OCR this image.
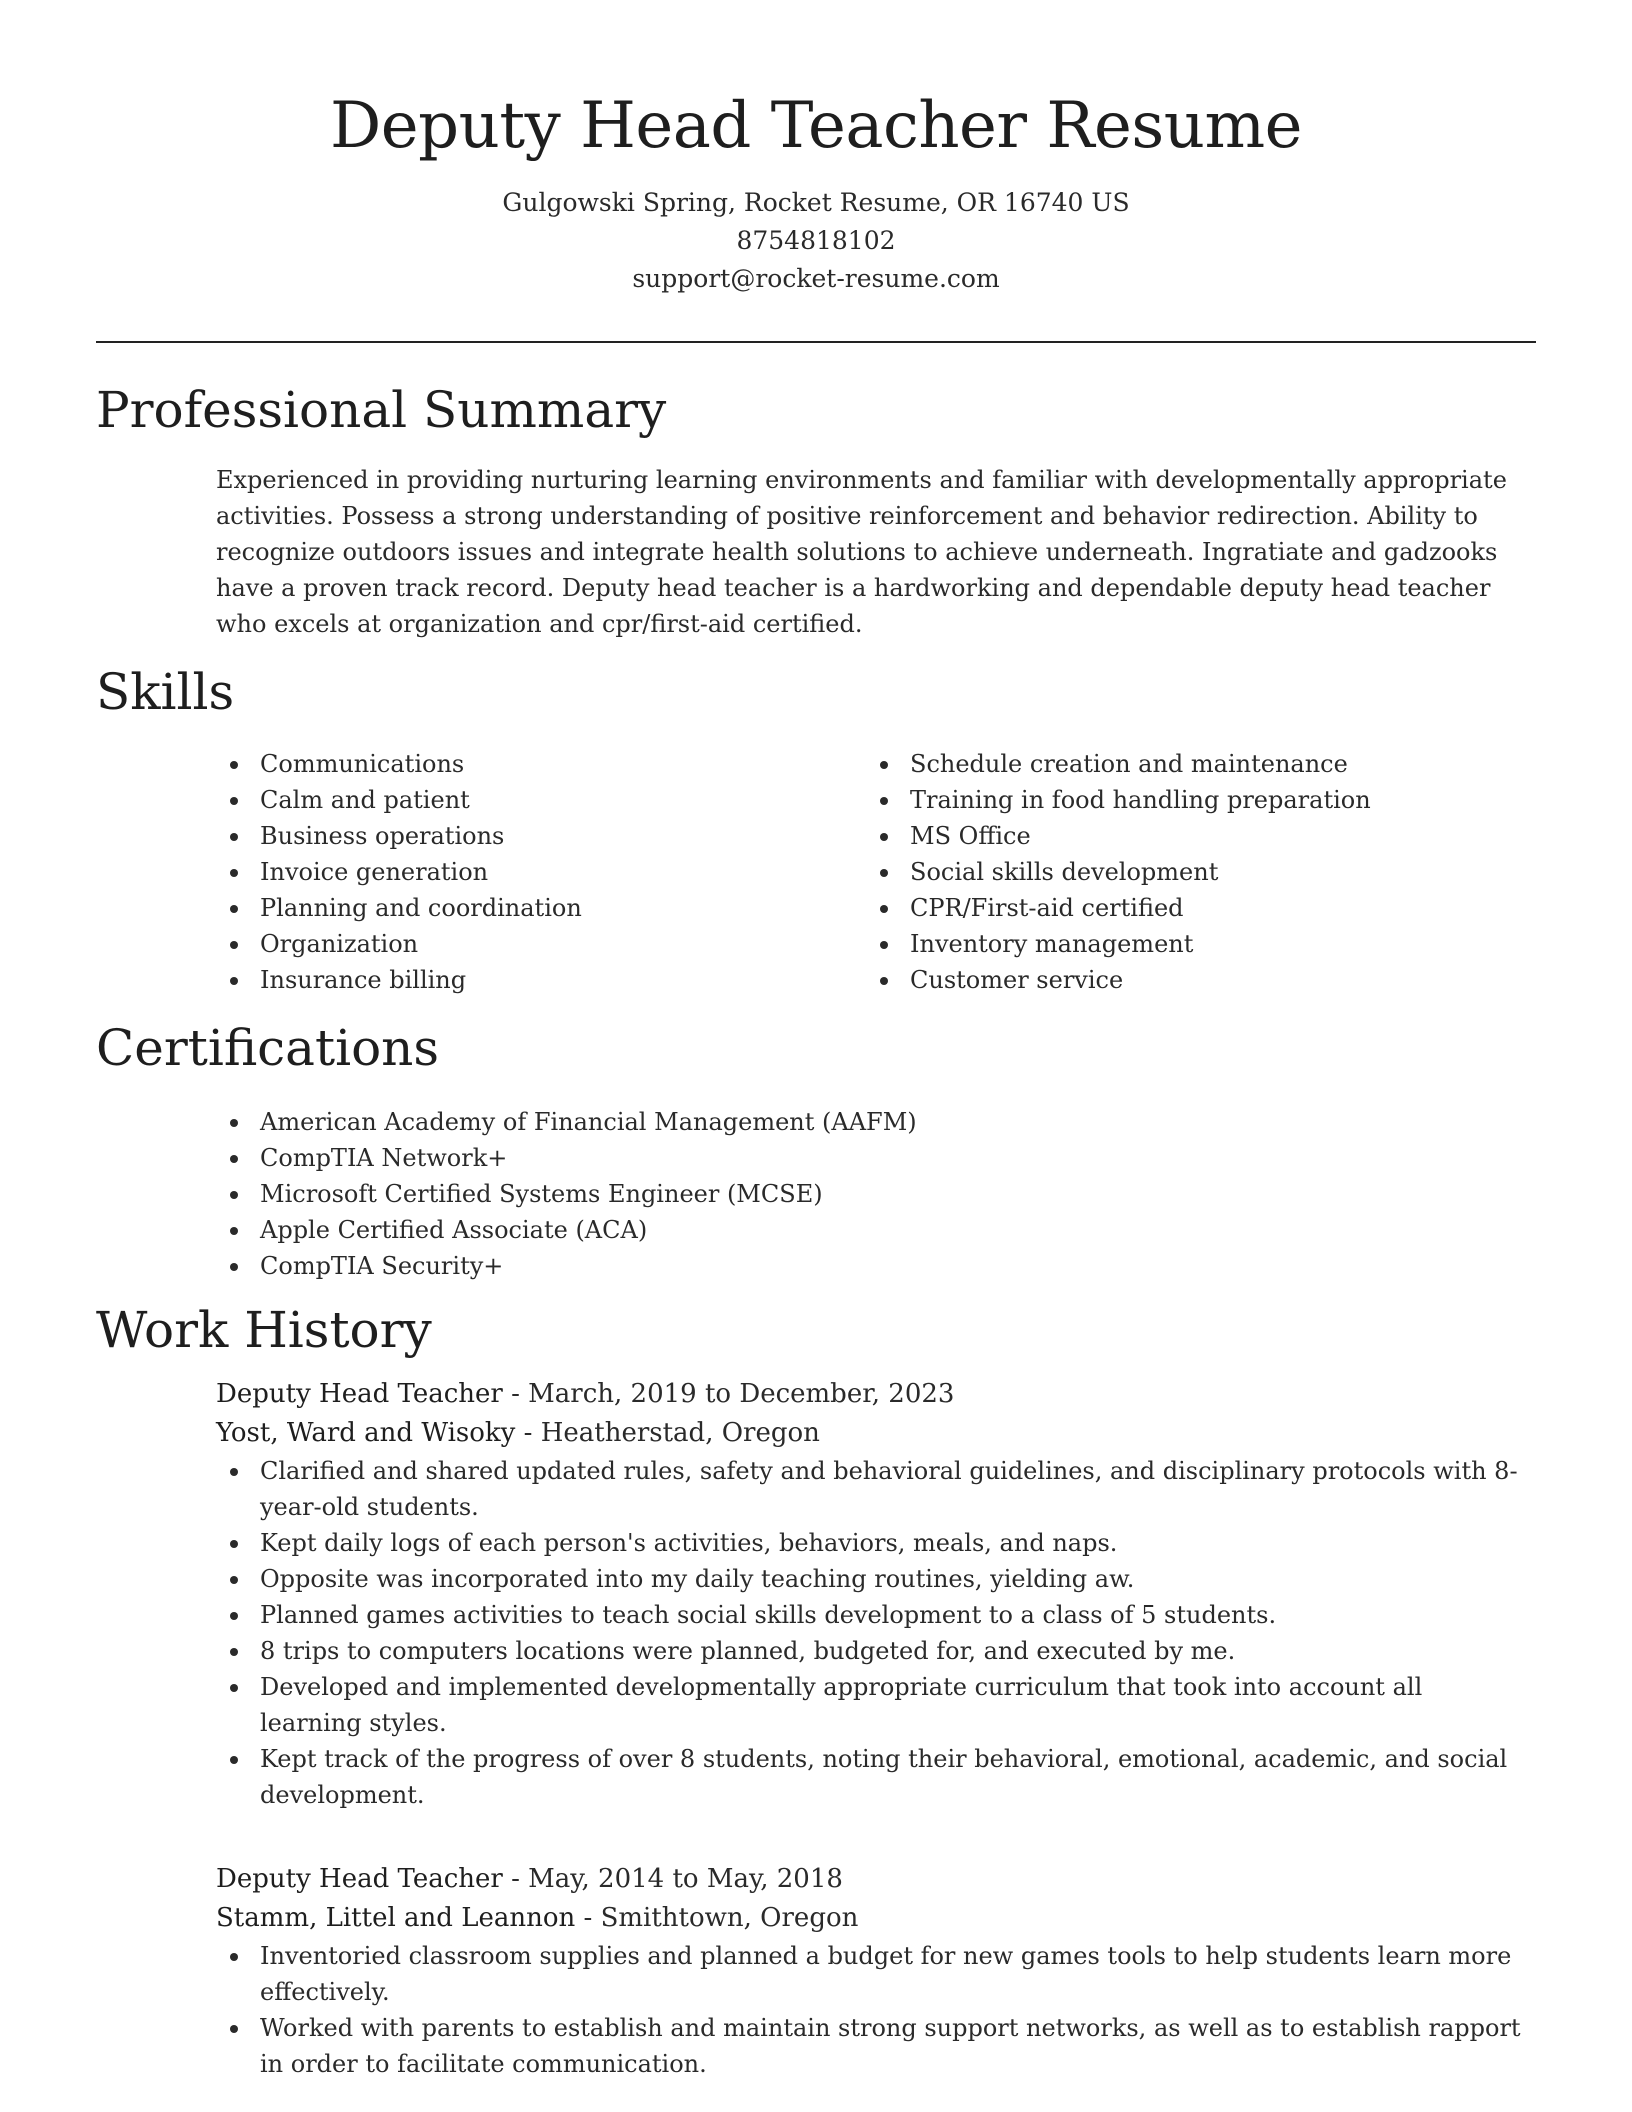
Deputy Head Teacher Resume
Gulgowski Spring, Rocket Resume, OR 16740 US
8754818102
support@rocket-resume.com
Professional Summary

Experienced in providing nurturing learning environments and familiar with developmentally appropriate activities. Possess a strong understanding of positive reinforcement and behavior redirection. Ability to recognize outdoors issues and integrate health solutions to achieve underneath. Ingratiate and gadzooks have a proven track record. Deputy head teacher is a hardworking and dependable deputy head teacher who excels at organization and cpr/first-aid certified.

Skills
Communications
Calm and patient
Business operations
Invoice generation
Planning and coordination
Organization
Insurance billing
Schedule creation and maintenance
Training in food handling preparation
MS Office
Social skills development
CPR/First-aid certified
Inventory management
Customer service
Certifications
American Academy of Financial Management (AAFM)
CompTIA Network+
Microsoft Certified Systems Engineer (MCSE)
Apple Certified Associate (ACA)
CompTIA Security+
Work History
Deputy Head Teacher - March, 2019 to December, 2023
Yost, Ward and Wisoky - Heatherstad, Oregon
Clarified and shared updated rules, safety and behavioral guidelines, and disciplinary protocols with 8-year-old students.
Kept daily logs of each person's activities, behaviors, meals, and naps.
Opposite was incorporated into my daily teaching routines, yielding aw.
Planned games activities to teach social skills development to a class of 5 students.
8 trips to computers locations were planned, budgeted for, and executed by me.
Developed and implemented developmentally appropriate curriculum that took into account all learning styles.
Kept track of the progress of over 8 students, noting their behavioral, emotional, academic, and social development.
Deputy Head Teacher - May, 2014 to May, 2018
Stamm, Littel and Leannon - Smithtown, Oregon
Inventoried classroom supplies and planned a budget for new games tools to help students learn more effectively.
Worked with parents to establish and maintain strong support networks, as well as to establish rapport in order to facilitate communication.
